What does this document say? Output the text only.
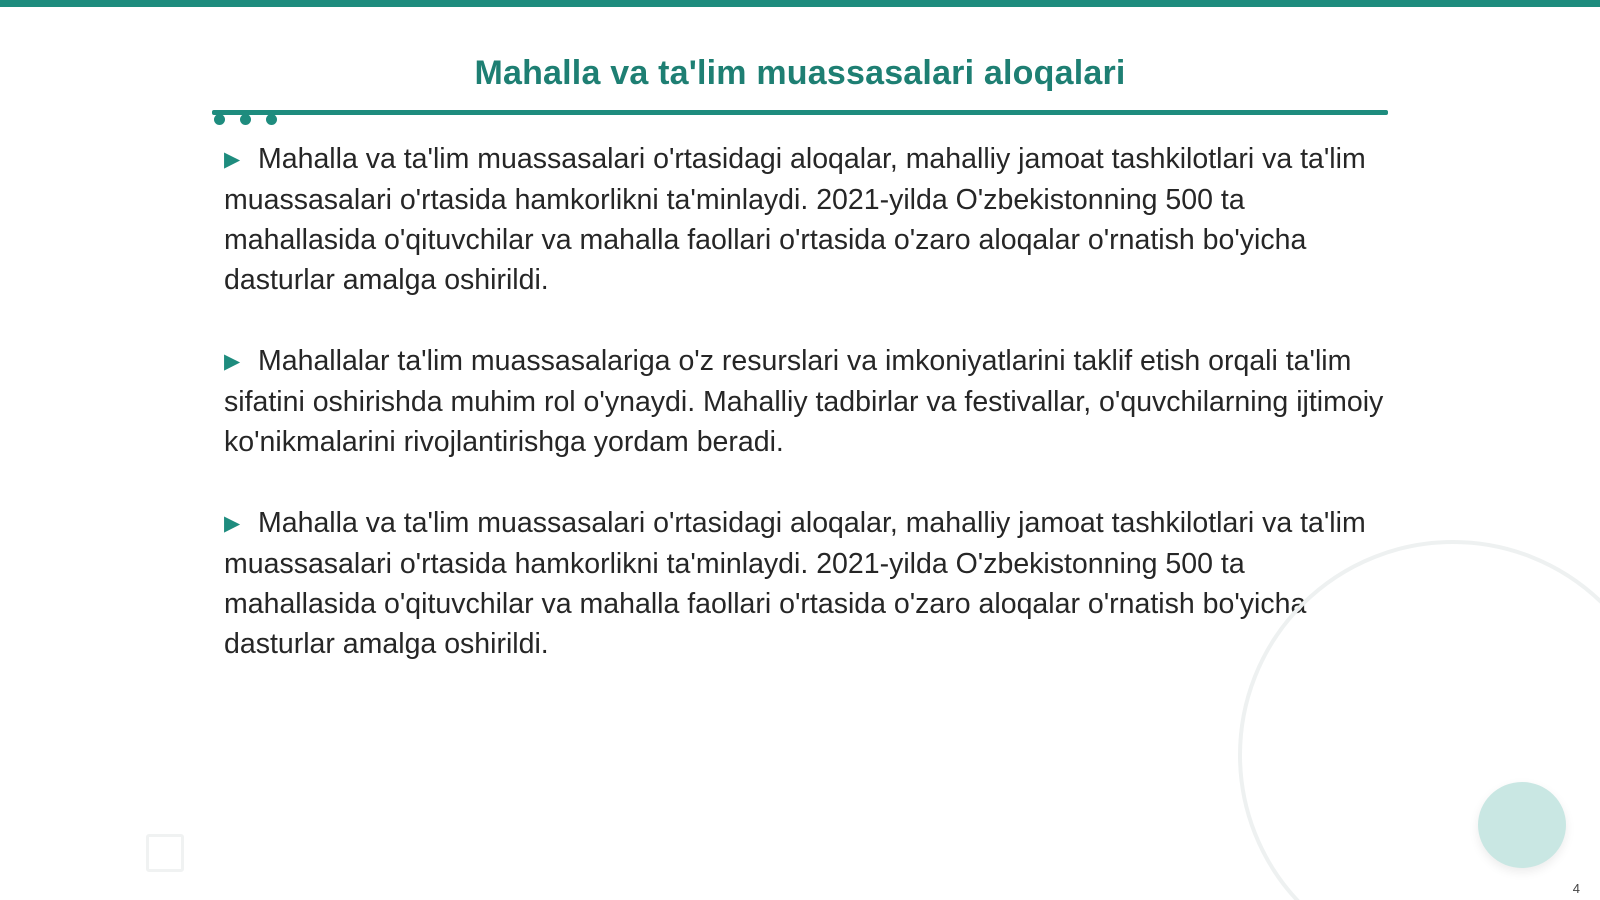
Mahalla va ta'lim muassasalari aloqalari

▶ Mahalla va ta'lim muassasalari o'rtasidagi aloqalar, mahalliy jamoat tashkilotlari va ta'lim muassasalari o'rtasida hamkorlikni ta'minlaydi. 2021-yilda O'zbekistonning 500 ta mahallasida o'qituvchilar va mahalla faollari o'rtasida o'zaro aloqalar o'rnatish bo'yicha dasturlar amalga oshirildi.

▶ Mahallalar ta'lim muassasalariga o'z resurslari va imkoniyatlarini taklif etish orqali ta'lim sifatini oshirishda muhim rol o'ynaydi. Mahalliy tadbirlar va festivallar, o'quvchilarning ijtimoiy ko'nikmalarini rivojlantirishga yordam beradi.

▶ Mahalla va ta'lim muassasalari o'rtasidagi aloqalar, mahalliy jamoat tashkilotlari va ta'lim muassasalari o'rtasida hamkorlikni ta'minlaydi. 2021-yilda O'zbekistonning 500 ta mahallasida o'qituvchilar va mahalla faollari o'rtasida o'zaro aloqalar o'rnatish bo'yicha dasturlar amalga oshirildi.

4
